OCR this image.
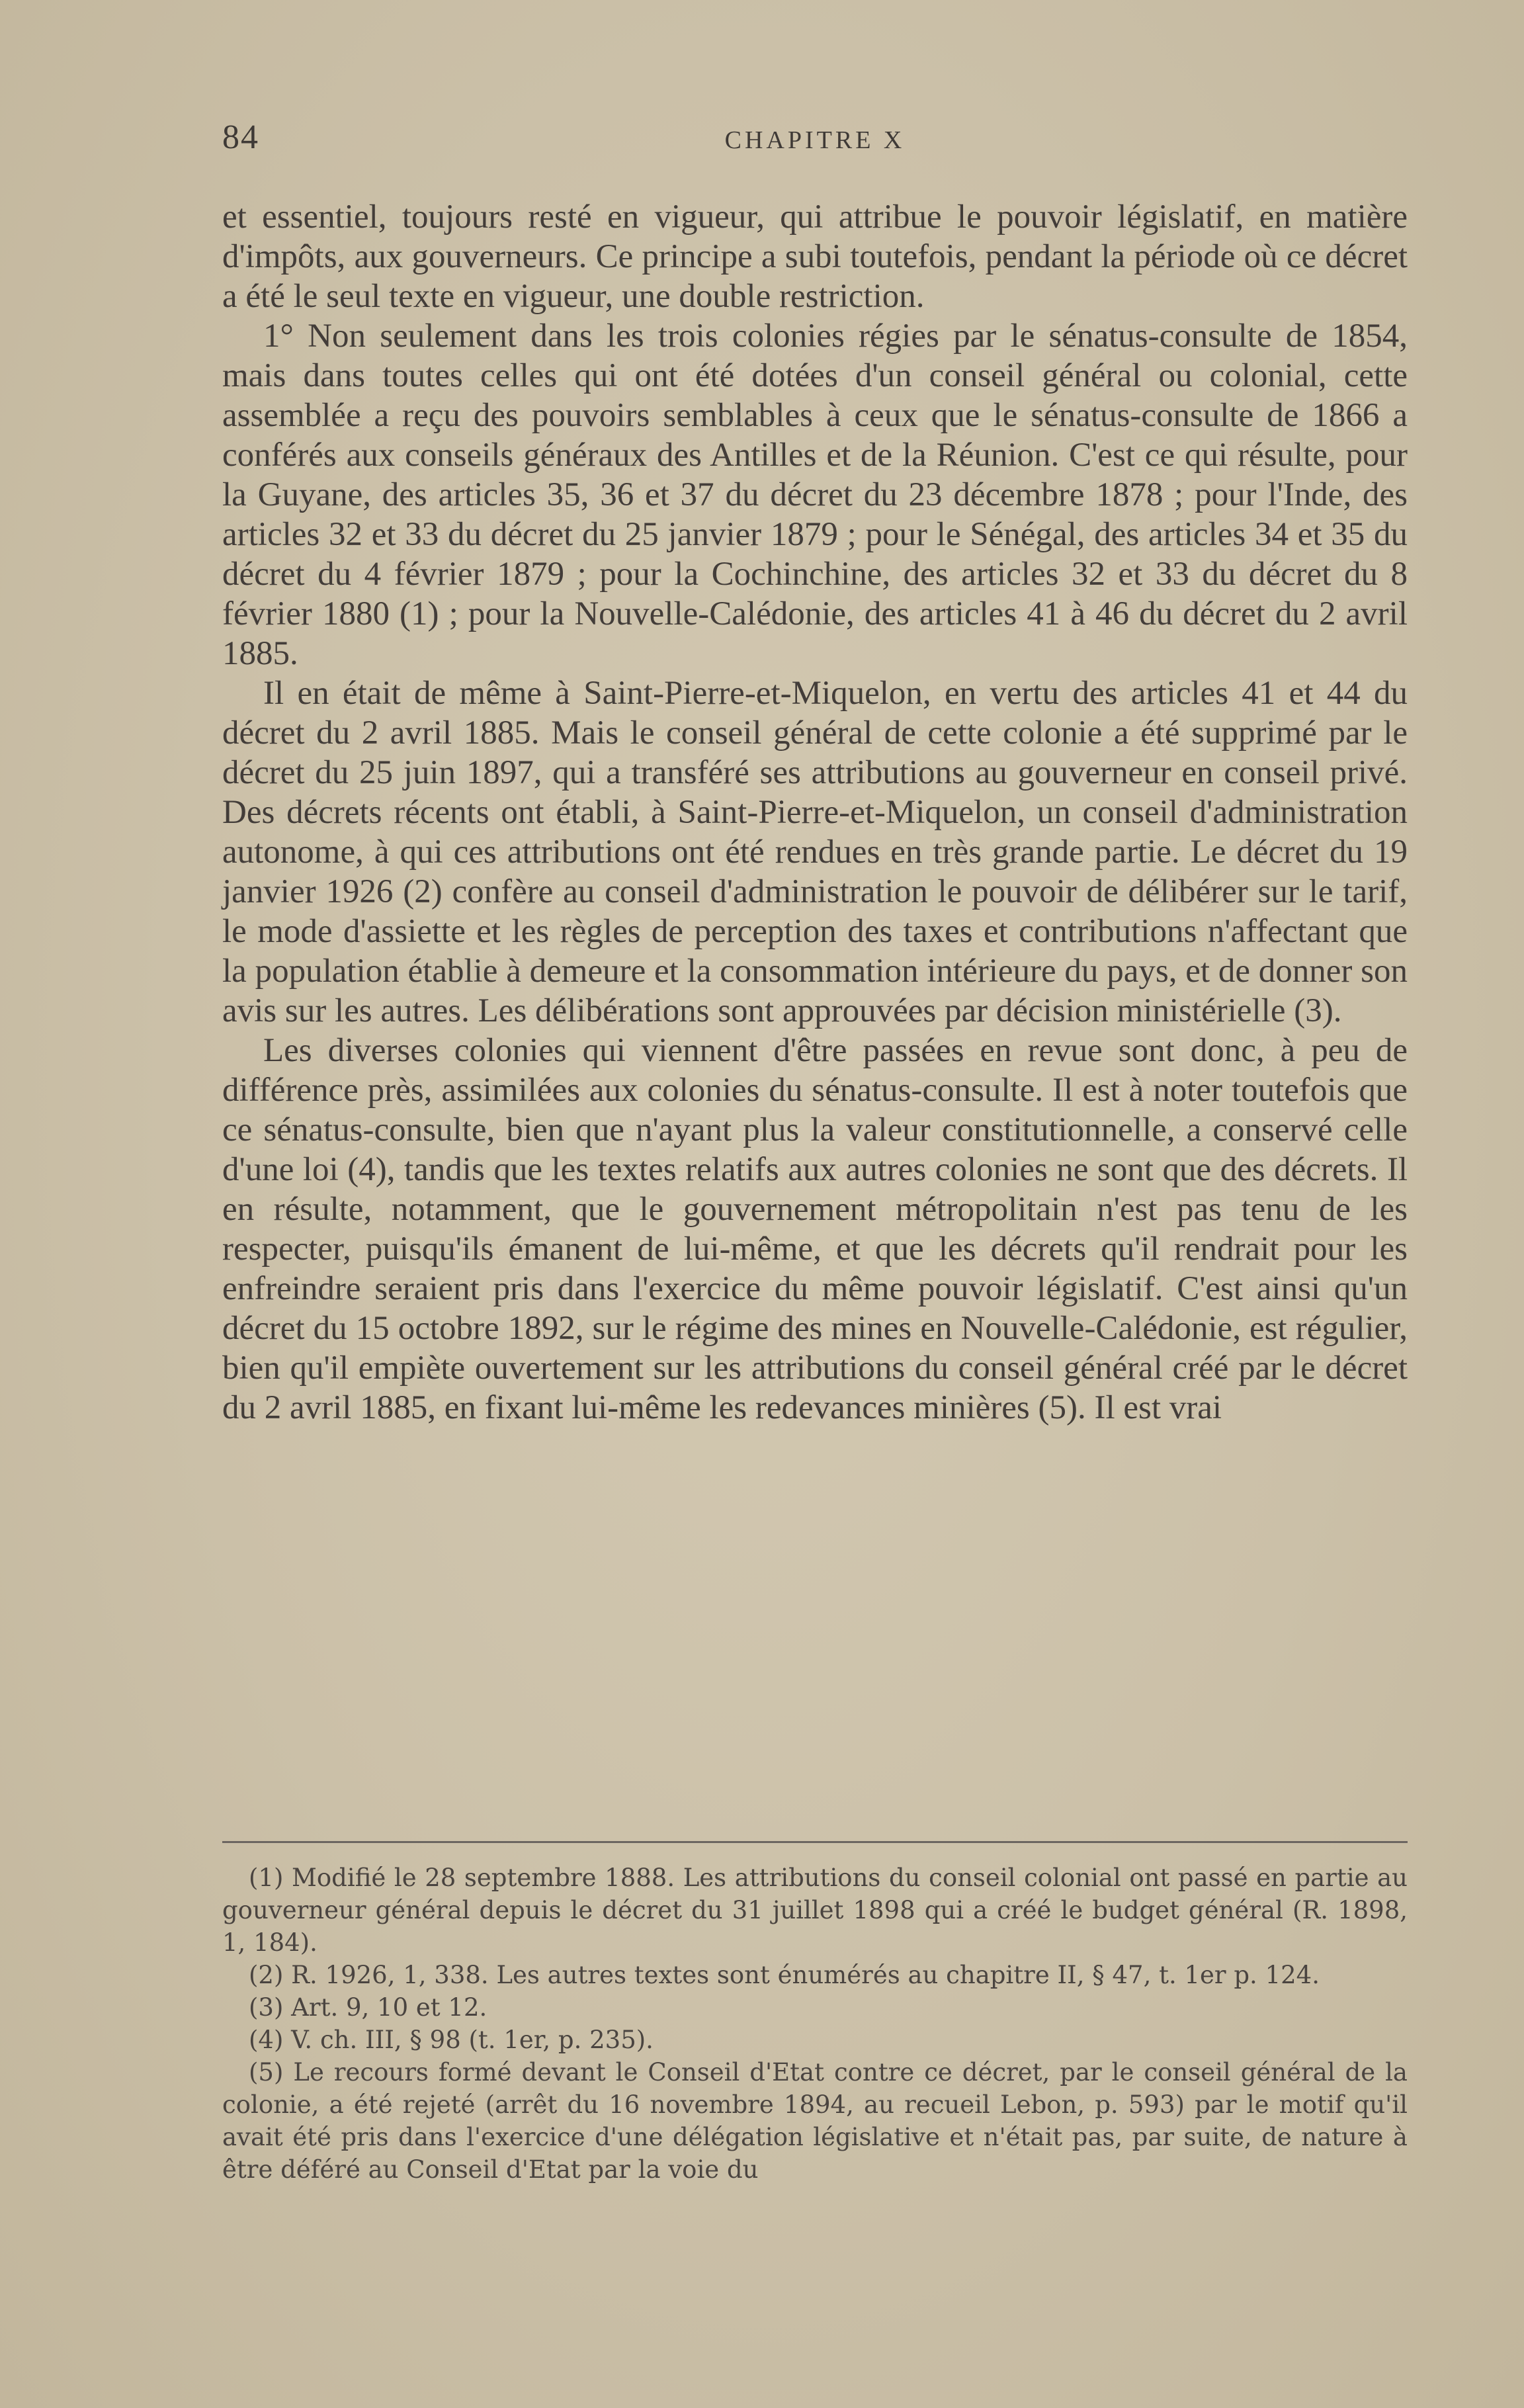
84	CHAPITRE X

et essentiel, toujours resté en vigueur, qui attribue le pouvoir législatif, en matière d'impôts, aux gouverneurs. Ce principe a subi toutefois, pendant la période où ce décret a été le seul texte en vigueur, une double restriction.

1° Non seulement dans les trois colonies régies par le sénatus-consulte de 1854, mais dans toutes celles qui ont été dotées d'un conseil général ou colonial, cette assemblée a reçu des pouvoirs semblables à ceux que le sénatus-consulte de 1866 a conférés aux conseils généraux des Antilles et de la Réunion. C'est ce qui résulte, pour la Guyane, des articles 35, 36 et 37 du décret du 23 décembre 1878 ; pour l'Inde, des articles 32 et 33 du décret du 25 janvier 1879 ; pour le Sénégal, des articles 34 et 35 du décret du 4 février 1879 ; pour la Cochinchine, des articles 32 et 33 du décret du 8 février 1880 (1) ; pour la Nouvelle-Calédonie, des articles 41 à 46 du décret du 2 avril 1885.

Il en était de même à Saint-Pierre-et-Miquelon, en vertu des articles 41 et 44 du décret du 2 avril 1885. Mais le conseil général de cette colonie a été supprimé par le décret du 25 juin 1897, qui a transféré ses attributions au gouverneur en conseil privé. Des décrets récents ont établi, à Saint-Pierre-et-Miquelon, un conseil d'administration autonome, à qui ces attributions ont été rendues en très grande partie. Le décret du 19 janvier 1926 (2) confère au conseil d'administration le pouvoir de délibérer sur le tarif, le mode d'assiette et les règles de perception des taxes et contributions n'affectant que la population établie à demeure et la consommation intérieure du pays, et de donner son avis sur les autres. Les délibérations sont approuvées par décision ministérielle (3).

Les diverses colonies qui viennent d'être passées en revue sont donc, à peu de différence près, assimilées aux colonies du sénatus-consulte. Il est à noter toutefois que ce sénatus-consulte, bien que n'ayant plus la valeur constitutionnelle, a conservé celle d'une loi (4), tandis que les textes relatifs aux autres colonies ne sont que des décrets. Il en résulte, notamment, que le gouvernement métropolitain n'est pas tenu de les respecter, puisqu'ils émanent de lui-même, et que les décrets qu'il rendrait pour les enfreindre seraient pris dans l'exercice du même pouvoir législatif. C'est ainsi qu'un décret du 15 octobre 1892, sur le régime des mines en Nouvelle-Calédonie, est régulier, bien qu'il empiète ouvertement sur les attributions du conseil général créé par le décret du 2 avril 1885, en fixant lui-même les redevances minières (5). Il est vrai

(1) Modifié le 28 septembre 1888. Les attributions du conseil colonial ont passé en partie au gouverneur général depuis le décret du 31 juillet 1898 qui a créé le budget général (R. 1898, 1, 184).

(2) R. 1926, 1, 338. Les autres textes sont énumérés au chapitre II, § 47, t. 1er p. 124.

(3) Art. 9, 10 et 12.

(4) V. ch. III, § 98 (t. 1er, p. 235).

(5) Le recours formé devant le Conseil d'Etat contre ce décret, par le conseil général de la colonie, a été rejeté (arrêt du 16 novembre 1894, au recueil Lebon, p. 593) par le motif qu'il avait été pris dans l'exercice d'une délégation législative et n'était pas, par suite, de nature à être déféré au Conseil d'Etat par la voie du
